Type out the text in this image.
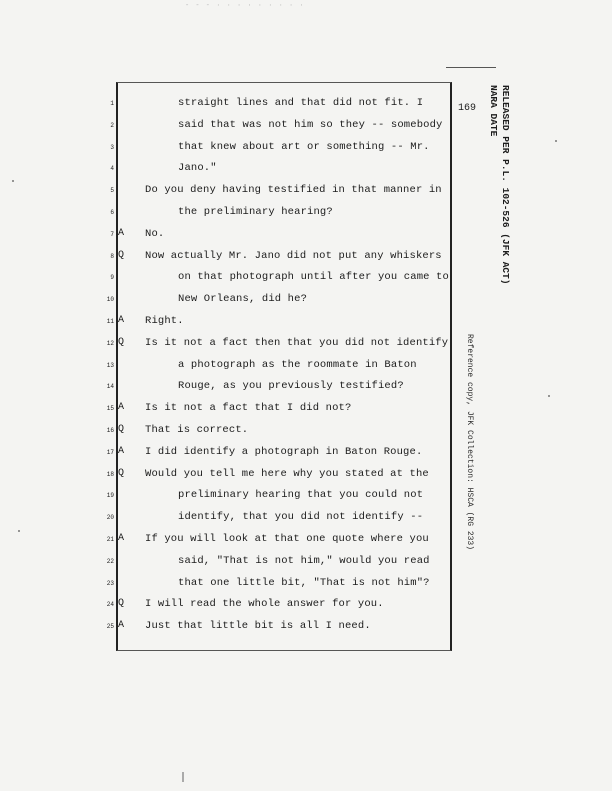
- - - · · · · · · · · ·
169
1	straight lines and that did not fit. I
2	said that was not him so they -- somebody
3	that knew about art or something -- Mr.
4	Jano."
5	Do you deny having testified in that manner in
6	the preliminary hearing?
7 A No.
8 Q Now actually Mr. Jano did not put any whiskers
9	on that photograph until after you came to
10	New Orleans, did he?
11 A Right.
12 Q Is it not a fact then that you did not identify
13	a photograph as the roommate in Baton
14	Rouge, as you previously testified?
15 A Is it not a fact that I did not?
16 Q That is correct.
17 A I did identify a photograph in Baton Rouge.
18 Q Would you tell me here why you stated at the
19	preliminary hearing that you could not
20	identify, that you did not identify --
21 A If you will look at that one quote where you
22	said, "That is not him," would you read
23	that one little bit, "That is not him"?
24 Q I will read the whole answer for you.
25 A Just that little bit is all I need.
RELEASED PER P.L. 102-526 (JFK ACT)
NARA DATE
Reference copy, JFK Collection: HSCA (RG 233)
